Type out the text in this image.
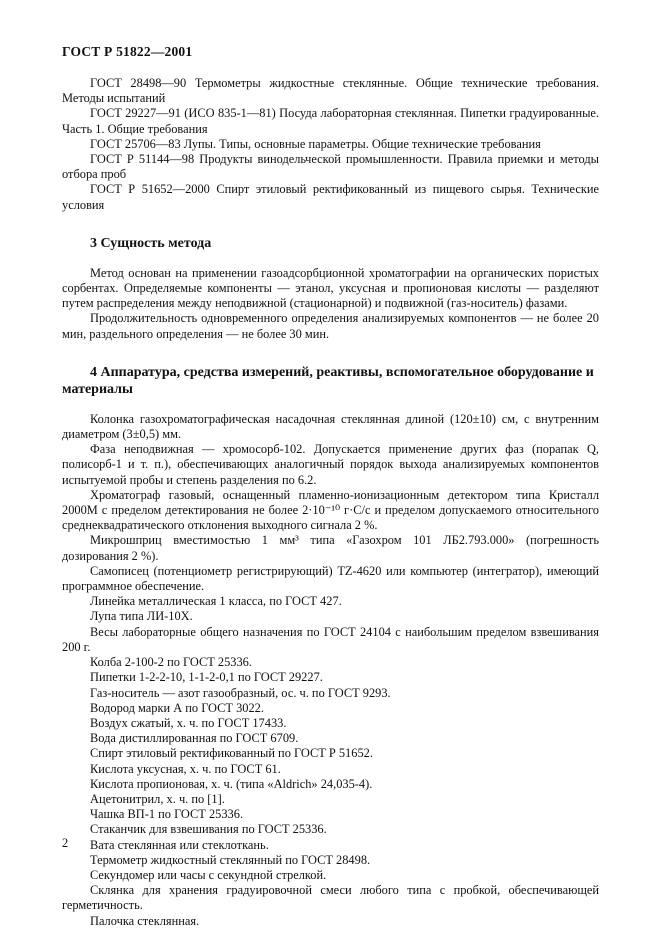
ГОСТ Р 51822—2001

ГОСТ 28498—90 Термометры жидкостные стеклянные. Общие технические требования. Методы испытаний

ГОСТ 29227—91 (ИСО 835-1—81) Посуда лабораторная стеклянная. Пипетки градуированные. Часть 1. Общие требования

ГОСТ 25706—83 Лупы. Типы, основные параметры. Общие технические требования

ГОСТ Р 51144—98 Продукты винодельческой промышленности. Правила приемки и методы отбора проб

ГОСТ Р 51652—2000 Спирт этиловый ректификованный из пищевого сырья. Технические условия

3 Сущность метода

Метод основан на применении газоадсорбционной хроматографии на органических пористых сорбентах. Определяемые компоненты — этанол, уксусная и пропионовая кислоты — разделяют путем распределения между неподвижной (стационарной) и подвижной (газ-носитель) фазами.

Продолжительность одновременного определения анализируемых компонентов — не более 20 мин, раздельного определения — не более 30 мин.

4 Аппаратура, средства измерений, реактивы, вспомогательное оборудование и материалы

Колонка газохроматографическая насадочная стеклянная длиной (120±10) см, с внутренним диаметром (3±0,5) мм.

Фаза неподвижная — хромосорб-102. Допускается применение других фаз (порапак Q, полисорб-1 и т. п.), обеспечивающих аналогичный порядок выхода анализируемых компонентов испытуемой пробы и степень разделения по 6.2.

Хроматограф газовый, оснащенный пламенно-ионизационным детектором типа Кристалл 2000М с пределом детектирования не более 2·10⁻¹⁰ г·С/с и пределом допускаемого относительного среднеквадратического отклонения выходного сигнала 2 %.

Микрошприц вместимостью 1 мм³ типа «Газохром 101 ЛБ2.793.000» (погрешность дозирования 2 %).

Самописец (потенциометр регистрирующий) TZ-4620 или компьютер (интегратор), имеющий программное обеспечение.

Линейка металлическая 1 класса, по ГОСТ 427.

Лупа типа ЛИ-10Х.

Весы лабораторные общего назначения по ГОСТ 24104 с наибольшим пределом взвешивания 200 г.

Колба 2-100-2 по ГОСТ 25336.

Пипетки 1-2-2-10, 1-1-2-0,1 по ГОСТ 29227.

Газ-носитель — азот газообразный, ос. ч. по ГОСТ 9293.

Водород марки А по ГОСТ 3022.

Воздух сжатый, х. ч. по ГОСТ 17433.

Вода дистиллированная по ГОСТ 6709.

Спирт этиловый ректификованный по ГОСТ Р 51652.

Кислота уксусная, х. ч. по ГОСТ 61.

Кислота пропионовая, х. ч. (типа «Aldrich» 24,035-4).

Ацетонитрил, х. ч. по [1].

Чашка ВП-1 по ГОСТ 25336.

Стаканчик для взвешивания по ГОСТ 25336.

Вата стеклянная или стеклоткань.

Термометр жидкостный стеклянный по ГОСТ 28498.

Секундомер или часы с секундной стрелкой.

Склянка для хранения градуировочной смеси любого типа с пробкой, обеспечивающей герметичность.

Палочка стеклянная.

2
